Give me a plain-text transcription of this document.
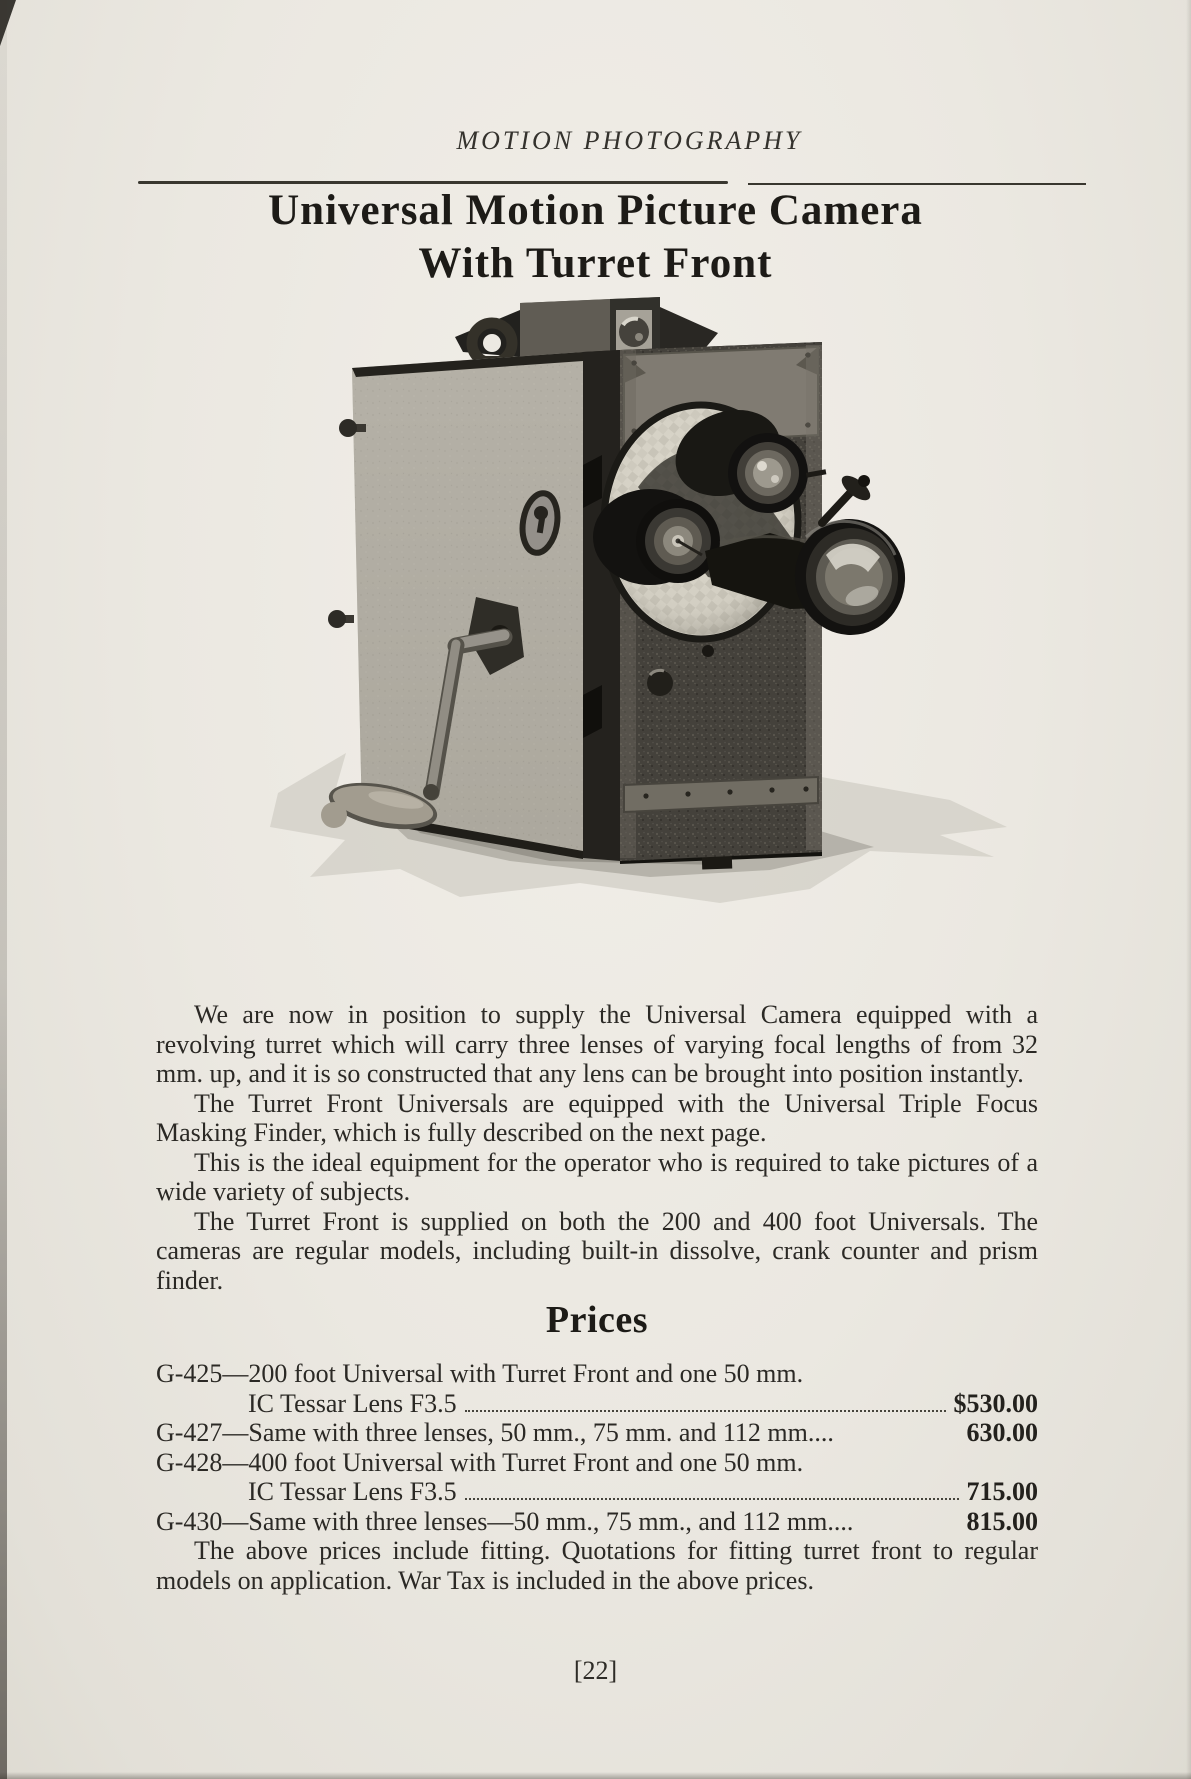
MOTION PHOTOGRAPHY
Universal Motion Picture Camera
With Turret Front

We are now in position to supply the Universal Camera equipped with a revolving turret which will carry three lenses of varying focal lengths of from 32 mm. up, and it is so constructed that any lens can be brought into position instantly.

The Turret Front Universals are equipped with the Universal Triple Focus Masking Finder, which is fully described on the next page.

This is the ideal equipment for the operator who is required to take pictures of a wide variety of subjects.

The Turret Front is supplied on both the 200 and 400 foot Universals. The cameras are regular models, including built-in dissolve, crank counter and prism finder.

Prices
G-425—200 foot Universal with Turret Front and one 50 mm.
IC Tessar Lens F3.5	$530.00
G-427—Same with three lenses, 50 mm., 75 mm. and 112 mm....	630.00
G-428—400 foot Universal with Turret Front and one 50 mm.
IC Tessar Lens F3.5	715.00
G-430—Same with three lenses—50 mm., 75 mm., and 112 mm....	815.00

The above prices include fitting. Quotations for fitting turret front to regular models on application. War Tax is included in the above prices.

[22]
